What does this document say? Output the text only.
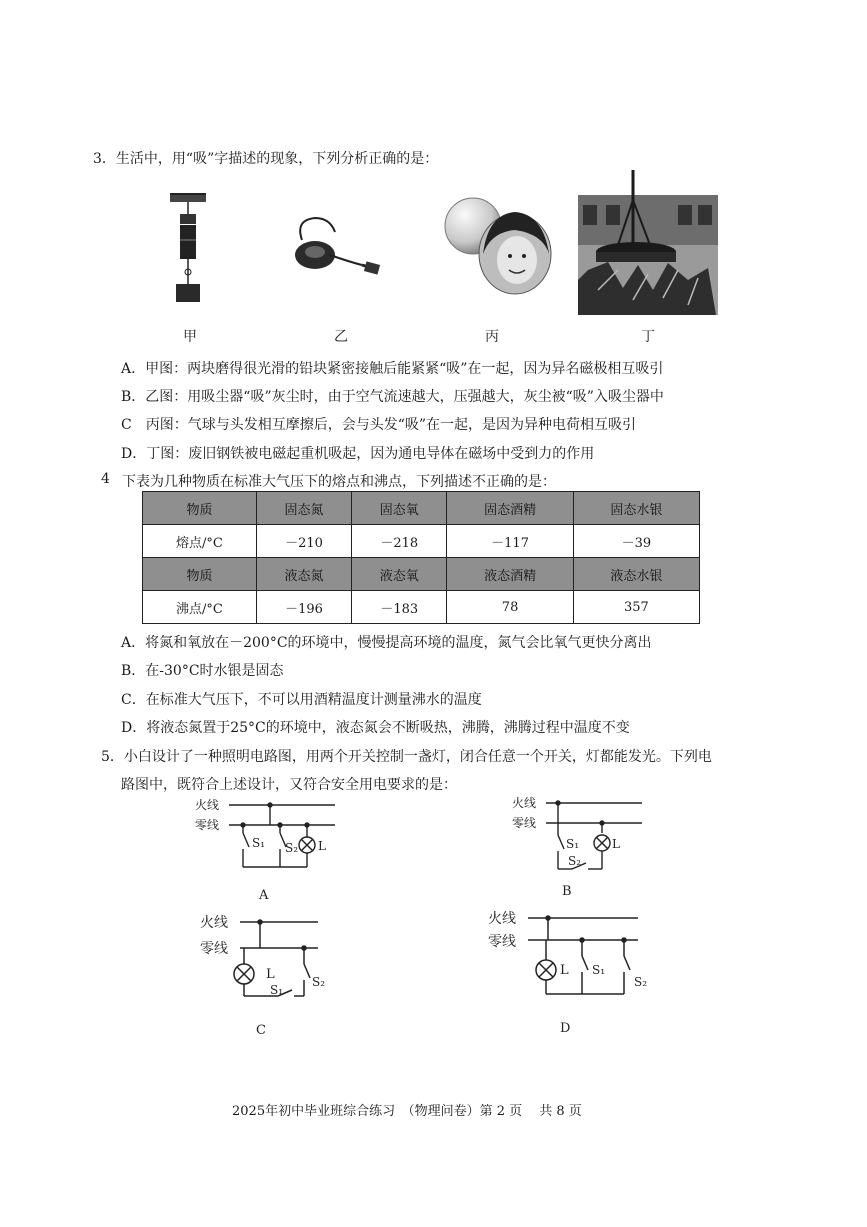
3．生活中，用“吸”字描述的现象，下列分析正确的是：
甲	乙	丙	丁
A．甲图：两块磨得很光滑的铅块紧密接触后能紧紧“吸”在一起，因为异名磁极相互吸引
B．乙图：用吸尘器“吸”灰尘时，由于空气流速越大，压强越大，灰尘被“吸”入吸尘器中
C　丙图：气球与头发相互摩擦后，会与头发“吸”在一起，是因为异种电荷相互吸引
D．丁图：废旧钢铁被电磁起重机吸起，因为通电导体在磁场中受到力的作用
4 下表为几种物质在标准大气压下的熔点和沸点，下列描述不正确的是：
物质	固态氮	固态氧	固态酒精	固态水银
熔点/°C	－210	－218	－117	－39
物质	液态氮	液态氧	液态酒精	液态水银
沸点/°C	－196	－183	78	357
A．将氮和氧放在－200°C的环境中，慢慢提高环境的温度，氮气会比氧气更快分离出
B．在-30°C时水银是固态
C．在标准大气压下，不可以用酒精温度计测量沸水的温度
D．将液态氮置于25°C的环境中，液态氮会不断吸热，沸腾，沸腾过程中温度不变
5．小白设计了一种照明电路图，用两个开关控制一盏灯，闭合任意一个开关，灯都能发光。下列电
路图中，既符合上述设计，又符合安全用电要求的是：
火线
零线
S₁ S₂ L
A
火线
零线
S₁
S₂
L
B
火线
零线
L
S₁
S₂
C
火线
零线
L S₁
S₂
D
2025年初中毕业班综合练习　（物理问卷）第 2 页　 共 8 页
